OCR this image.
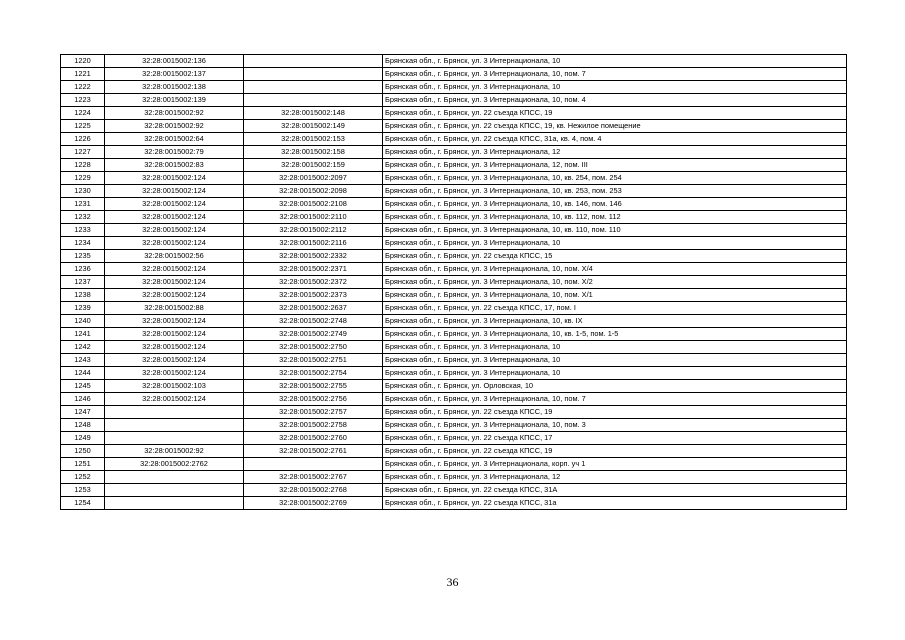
1220	32:28:0015002:136		Брянская обл., г. Брянск, ул. 3 Интернационала, 10
1221	32:28:0015002:137		Брянская обл., г. Брянск, ул. 3 Интернационала, 10, пом. 7
1222	32:28:0015002:138		Брянская обл., г. Брянск, ул. 3 Интернационала, 10
1223	32:28:0015002:139		Брянская обл., г. Брянск, ул. 3 Интернационала, 10, пом. 4
1224	32:28:0015002:92	32:28:0015002:148	Брянская обл., г. Брянск, ул. 22 съезда КПСС, 19
1225	32:28:0015002:92	32:28:0015002:149	Брянская обл., г. Брянск, ул. 22 съезда КПСС, 19, кв. Нежилое помещение
1226	32:28:0015002:64	32:28:0015002:153	Брянская обл., г. Брянск, ул. 22 съезда КПСС, 31а, кв. 4, пом. 4
1227	32:28:0015002:79	32:28:0015002:158	Брянская обл., г. Брянск, ул. 3 Интернационала, 12
1228	32:28:0015002:83	32:28:0015002:159	Брянская обл., г. Брянск, ул. 3 Интернационала, 12, пом. III
1229	32:28:0015002:124	32:28:0015002:2097	Брянская обл., г. Брянск, ул. 3 Интернационала, 10, кв. 254, пом. 254
1230	32:28:0015002:124	32:28:0015002:2098	Брянская обл., г. Брянск, ул. 3 Интернационала, 10, кв. 253, пом. 253
1231	32:28:0015002:124	32:28:0015002:2108	Брянская обл., г. Брянск, ул. 3 Интернационала, 10, кв. 146, пом. 146
1232	32:28:0015002:124	32:28:0015002:2110	Брянская обл., г. Брянск, ул. 3 Интернационала, 10, кв. 112, пом. 112
1233	32:28:0015002:124	32:28:0015002:2112	Брянская обл., г. Брянск, ул. 3 Интернационала, 10, кв. 110, пом. 110
1234	32:28:0015002:124	32:28:0015002:2116	Брянская обл., г. Брянск, ул. 3 Интернационала, 10
1235	32:28:0015002:56	32:28:0015002:2332	Брянская обл., г. Брянск, ул. 22 съезда КПСС, 15
1236	32:28:0015002:124	32:28:0015002:2371	Брянская обл., г. Брянск, ул. 3 Интернационала, 10, пом. X/4
1237	32:28:0015002:124	32:28:0015002:2372	Брянская обл., г. Брянск, ул. 3 Интернационала, 10, пом. X/2
1238	32:28:0015002:124	32:28:0015002:2373	Брянская обл., г. Брянск, ул. 3 Интернационала, 10, пом. X/1
1239	32:28:0015002:88	32:28:0015002:2637	Брянская обл., г. Брянск, ул. 22 съезда КПСС, 17, пом. I
1240	32:28:0015002:124	32:28:0015002:2748	Брянская обл., г. Брянск, ул. 3 Интернационала, 10, кв. IX
1241	32:28:0015002:124	32:28:0015002:2749	Брянская обл., г. Брянск, ул. 3 Интернационала, 10, кв. 1-5, пом. 1-5
1242	32:28:0015002:124	32:28:0015002:2750	Брянская обл., г. Брянск, ул. 3 Интернационала, 10
1243	32:28:0015002:124	32:28:0015002:2751	Брянская обл., г. Брянск, ул. 3 Интернационала, 10
1244	32:28:0015002:124	32:28:0015002:2754	Брянская обл., г. Брянск, ул. 3 Интернационала, 10
1245	32:28:0015002:103	32:28:0015002:2755	Брянская обл., г. Брянск, ул. Орловская, 10
1246	32:28:0015002:124	32:28:0015002:2756	Брянская обл., г. Брянск, ул. 3 Интернационала, 10, пом. 7
1247		32:28:0015002:2757	Брянская обл., г. Брянск, ул. 22 съезда КПСС, 19
1248		32:28:0015002:2758	Брянская обл., г. Брянск, ул. 3 Интернационала, 10, пом. 3
1249		32:28:0015002:2760	Брянская обл., г. Брянск, ул. 22 съезда КПСС, 17
1250	32:28:0015002:92	32:28:0015002:2761	Брянская обл., г. Брянск, ул. 22 съезда КПСС, 19
1251	32:28:0015002:2762		Брянская обл., г. Брянск, ул. 3 Интернационала, корп. уч 1
1252		32:28:0015002:2767	Брянская обл., г. Брянск, ул. 3 Интернационала, 12
1253		32:28:0015002:2768	Брянская обл., г. Брянск, ул. 22 съезда КПСС, 31А
1254		32:28:0015002:2769	Брянская обл., г. Брянск, ул. 22 съезда КПСС, 31а
36
